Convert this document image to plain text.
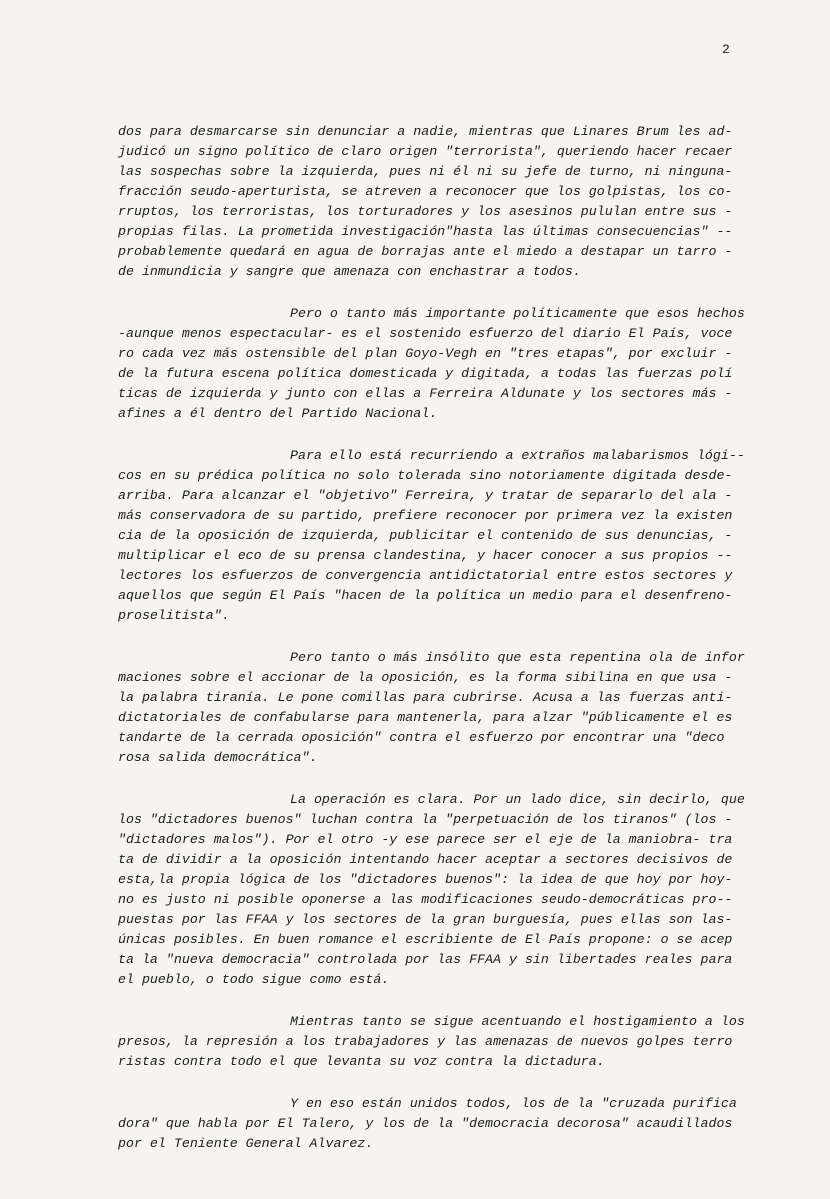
2

dos para desmarcarse sin denunciar a nadie, mientras que Linares Brum les ad-
judicó un signo político de claro origen "terrorista", queriendo hacer recaer
las sospechas sobre la izquierda, pues ni él ni su jefe de turno, ni ninguna-
fracción seudo-aperturista, se atreven a reconocer que los golpistas, los co-
rruptos, los terroristas, los torturadores y los asesinos pululan entre sus -
propias filas. La prometida investigación"hasta las últimas consecuencias" --
probablemente quedará en agua de borrajas ante el miedo a destapar un tarro -
de inmundicia y sangre que amenaza con enchastrar a todos.

Pero o tanto más importante políticamente que esos hechos
-aunque menos espectacular- es el sostenido esfuerzo del diario El País, voce
ro cada vez más ostensible del plan Goyo-Vegh en "tres etapas", por excluir -
de la futura escena política domesticada y digitada, a todas las fuerzas polí
ticas de izquierda y junto con ellas a Ferreira Aldunate y los sectores más -
afines a él dentro del Partido Nacional.

Para ello está recurriendo a extraños malabarismos lógi--
cos en su prédica política no solo tolerada sino notoriamente digitada desde-
arriba. Para alcanzar el "objetivo" Ferreira, y tratar de separarlo del ala -
más conservadora de su partido, prefiere reconocer por primera vez la existen
cia de la oposición de izquierda, publicitar el contenido de sus denuncias, -
multiplicar el eco de su prensa clandestina, y hacer conocer a sus propios --
lectores los esfuerzos de convergencia antidictatorial entre estos sectores y
aquellos que según El País "hacen de la política un medio para el desenfreno-
proselitista".

Pero tanto o más insólito que esta repentina ola de infor
maciones sobre el accionar de la oposición, es la forma sibilina en que usa -
la palabra tiranía. Le pone comillas para cubrirse. Acusa a las fuerzas anti-
dictatoriales de confabularse para mantenerla, para alzar "públicamente el es
tandarte de la cerrada oposición" contra el esfuerzo por encontrar una "deco
rosa salida democrática".

La operación es clara. Por un lado dice, sin decirlo, que
los "dictadores buenos" luchan contra la "perpetuación de los tiranos" (los -
"dictadores malos"). Por el otro -y ese parece ser el eje de la maniobra- tra
ta de dividir a la oposición intentando hacer aceptar a sectores decisivos de
esta,la propia lógica de los "dictadores buenos": la idea de que hoy por hoy-
no es justo ni posible oponerse a las modificaciones seudo-democráticas pro--
puestas por las FFAA y los sectores de la gran burguesía, pues ellas son las-
únicas posibles. En buen romance el escribiente de El País propone: o se acep
ta la "nueva democracia" controlada por las FFAA y sin libertades reales para
el pueblo, o todo sigue como está.

Mientras tanto se sigue acentuando el hostigamiento a los
presos, la represión a los trabajadores y las amenazas de nuevos golpes terro
ristas contra todo el que levanta su voz contra la dictadura.

Y en eso están unidos todos, los de la "cruzada purifica
dora" que habla por El Talero, y los de la "democracia decorosa" acaudillados
por el Teniente General Alvarez.
